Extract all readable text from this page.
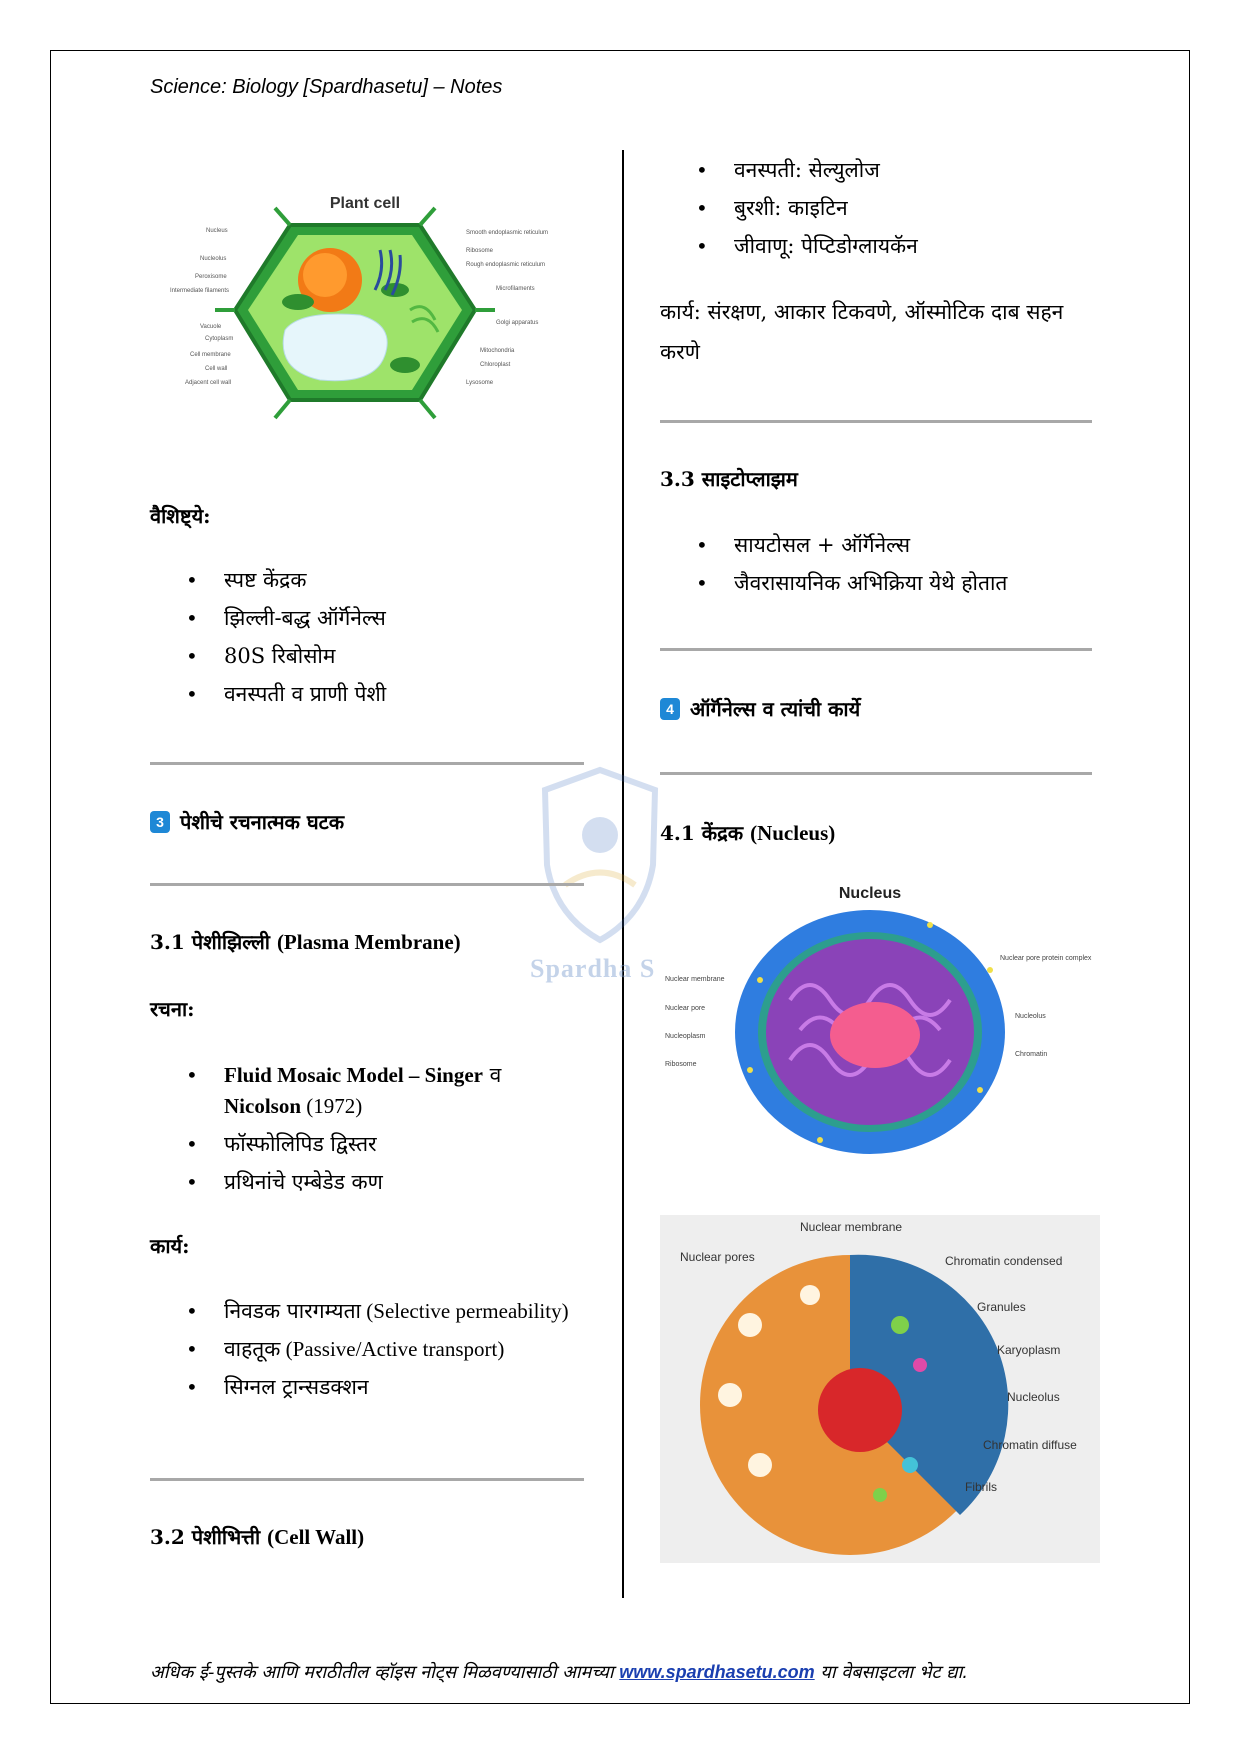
Science: Biology [Spardhasetu] – Notes
Spardha S
Plant cell
Nucleus
Nucleolus
Peroxisome
Intermediate filaments
Vacuole
Cytoplasm
Cell membrane
Cell wall
Adjacent cell wall
Smooth endoplasmic reticulum
Ribosome
Rough endoplasmic reticulum
Microfilaments
Golgi apparatus
Mitochondria
Chloroplast
Lysosome
वैशिष्ट्ये:
• स्पष्ट केंद्रक
• झिल्ली-बद्ध ऑर्गॅनेल्स
• 80S रिबोसोम
• वनस्पती व प्राणी पेशी
3 पेशीचे रचनात्मक घटक
3.1 पेशीझिल्ली (Plasma Membrane)
रचना:
• Fluid Mosaic Model – Singer व
Nicolson (1972)
• फॉस्फोलिपिड द्विस्तर
• प्रथिनांचे एम्बेडेड कण
कार्य:
• निवडक पारगम्यता (Selective permeability)
• वाहतूक (Passive/Active transport)
• सिग्नल ट्रान्सडक्शन
3.2 पेशीभित्ती (Cell Wall)
• वनस्पती: सेल्युलोज
• बुरशी: काइटिन
• जीवाणू: पेप्टिडोग्लायकॅन
कार्य: संरक्षण, आकार टिकवणे, ऑस्मोटिक दाब सहन करणे
3.3 साइटोप्लाझम
• सायटोसल + ऑर्गॅनेल्स
• जैवरासायनिक अभिक्रिया येथे होतात
4 ऑर्गॅनेल्स व त्यांची कार्ये
4.1 केंद्रक (Nucleus)
Nucleus
Nuclear membrane
Nuclear pore
Nucleoplasm
Ribosome
Nuclear pore protein complex
Nucleolus
Chromatin
Nuclear membrane
Nuclear pores	Chromatin condensed
Granules
Karyoplasm
Nucleolus
Chromatin diffuse
Fibrils
अधिक ई-पुस्तके आणि मराठीतील व्हॉइस नोट्स मिळवण्यासाठी आमच्या www.spardhasetu.com या वेबसाइटला भेट द्या.
